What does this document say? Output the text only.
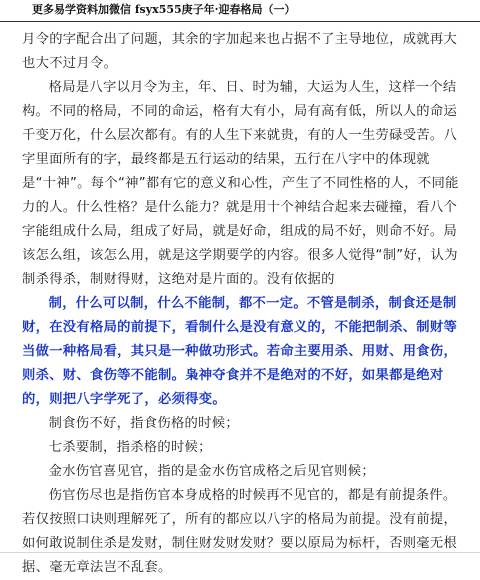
更多易学资料加微信 fsyx555庚子年·迎春格局（一）

月令的字配合出了问题，其余的字加起来也占据不了主导地位，成就再大也大不过月令。

格局是八字以月令为主，年、日、时为辅，大运为人生，这样一个结构。不同的格局，不同的命运，格有大有小，局有高有低，所以人的命运千变万化，什么层次都有。有的人生下来就贵，有的人一生劳碌受苦。八字里面所有的字，最终都是五行运动的结果，五行在八字中的体现就是“十神”。每个“神”都有它的意义和心性，产生了不同性格的人，不同能力的人。什么性格？是什么能力？就是用十个神结合起来去碰撞，看八个字能组成什么局，组成了好局，就是好命，组成的局不好，则命不好。局该怎么组，该怎么用，就是这学期要学的内容。很多人觉得“制”好，认为制杀得杀，制财得财，这绝对是片面的。没有依据的

制，什么可以制，什么不能制，都不一定。不管是制杀，制食还是制财，在没有格局的前提下，看制什么是没有意义的，不能把制杀、制财等当做一种格局看，其只是一种做功形式。若命主要用杀、用财、用食伤，则杀、财、食伤等不能制。枭神夺食并不是绝对的不好，如果都是绝对的，则把八字学死了，必须得变。

制食伤不好，指食伤格的时候；

七杀要制，指杀格的时候；

金水伤官喜见官，指的是金水伤官成格之后见官则候；

伤官伤尽也是指伤官本身成格的时候再不见官的，都是有前提条件。若仅按照口诀则理解死了，所有的都应以八字的格局为前提。没有前提，如何敢说制住杀是发财，制住财发财发财？要以原局为标杆，否则毫无根据、毫无章法岂不乱套。
